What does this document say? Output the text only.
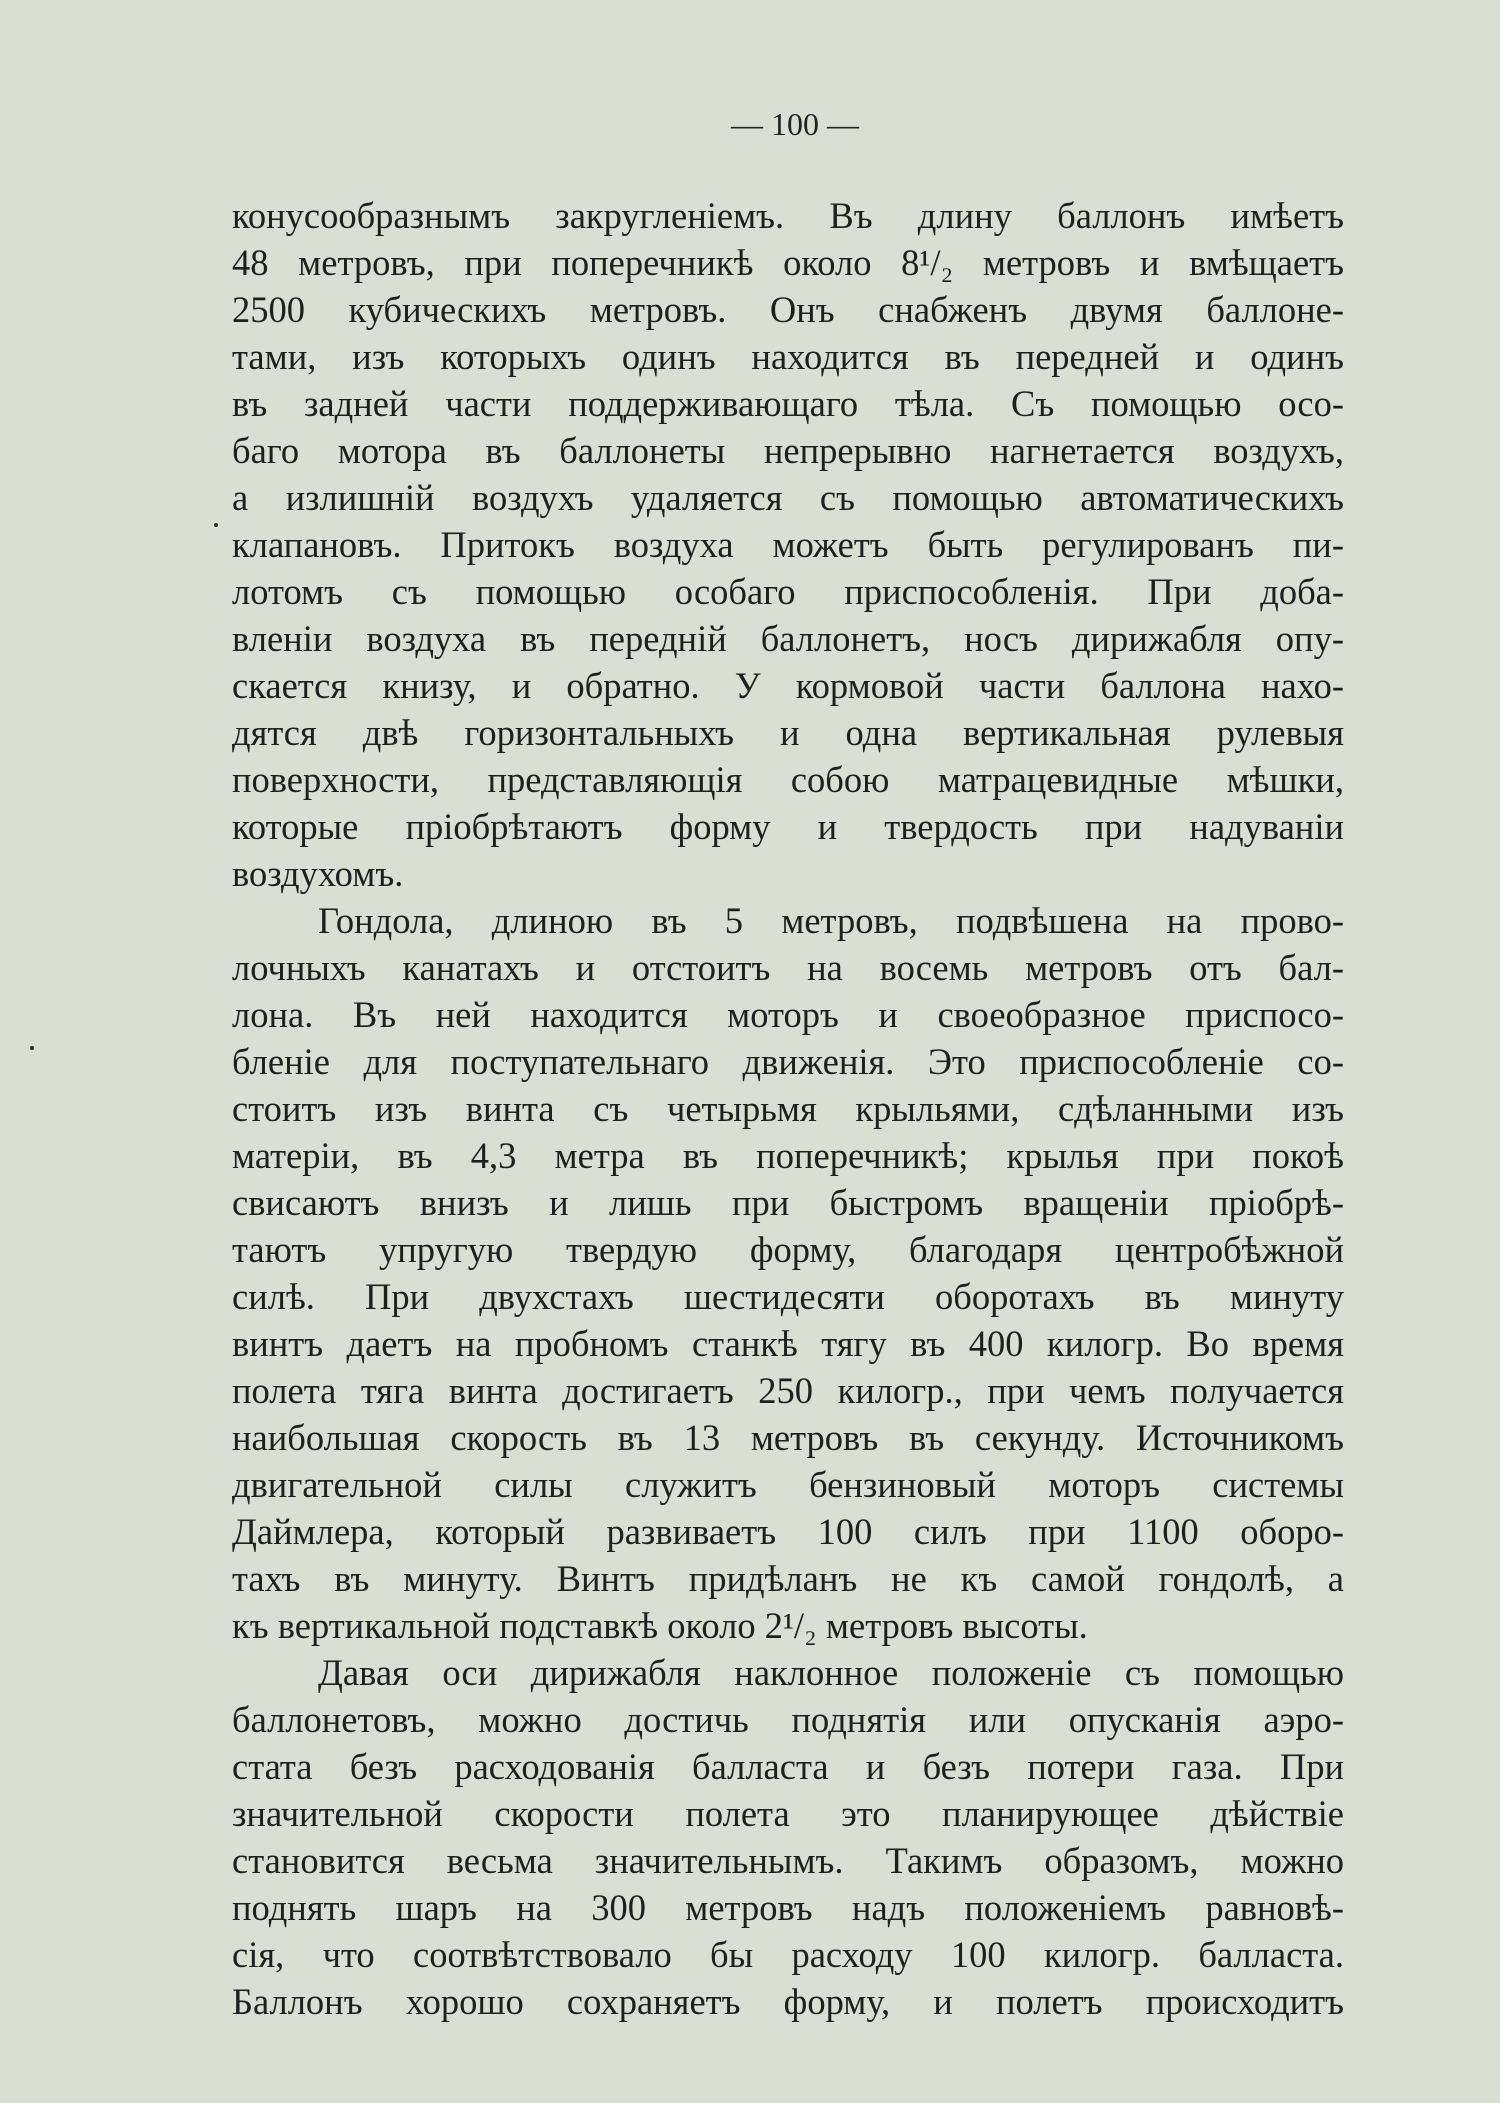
— 100 —
конусообразнымъ закругленіемъ. Въ длину баллонъ имѣетъ
48 метровъ, при поперечникѣ около 8¹/₂ метровъ и вмѣщаетъ
2500 кубическихъ метровъ. Онъ снабженъ двумя баллоне-
тами, изъ которыхъ одинъ находится въ передней и одинъ
въ задней части поддерживающаго тѣла. Съ помощью осо-
баго мотора въ баллонеты непрерывно нагнетается воздухъ,
а излишній воздухъ удаляется съ помощью автоматическихъ
клапановъ. Притокъ воздуха можетъ быть регулированъ пи-
лотомъ съ помощью особаго приспособленія. При доба-
вленіи воздуха въ передній баллонетъ, носъ дирижабля опу-
скается книзу, и обратно. У кормовой части баллона нахо-
дятся двѣ горизонтальныхъ и одна вертикальная рулевыя
поверхности, представляющія собою матрацевидные мѣшки,
которые пріобрѣтаютъ форму и твердость при надуваніи
воздухомъ.
Гондола, длиною въ 5 метровъ, подвѣшена на прово-
лочныхъ канатахъ и отстоитъ на восемь метровъ отъ бал-
лона. Въ ней находится моторъ и своеобразное приспосо-
бленіе для поступательнаго движенія. Это приспособленіе со-
стоитъ изъ винта съ четырьмя крыльями, сдѣланными изъ
матеріи, въ 4,3 метра въ поперечникѣ; крылья при покоѣ
свисаютъ внизъ и лишь при быстромъ вращеніи пріобрѣ-
таютъ упругую твердую форму, благодаря центробѣжной
силѣ. При двухстахъ шестидесяти оборотахъ въ минуту
винтъ даетъ на пробномъ станкѣ тягу въ 400 килогр. Во время
полета тяга винта достигаетъ 250 килогр., при чемъ получается
наибольшая скорость въ 13 метровъ въ секунду. Источникомъ
двигательной силы служитъ бензиновый моторъ системы
Даймлера, который развиваетъ 100 силъ при 1100 оборо-
тахъ въ минуту. Винтъ придѣланъ не къ самой гондолѣ, а
къ вертикальной подставкѣ около 2¹/₂ метровъ высоты.
Давая оси дирижабля наклонное положеніе съ помощью
баллонетовъ, можно достичь поднятія или опусканія аэро-
стата безъ расходованія балласта и безъ потери газа. При
значительной скорости полета это планирующее дѣйствіе
становится весьма значительнымъ. Такимъ образомъ, можно
поднять шаръ на 300 метровъ надъ положеніемъ равновѣ-
сія, что соотвѣтствовало бы расходу 100 килогр. балласта.
Баллонъ хорошо сохраняетъ форму, и полетъ происходитъ
